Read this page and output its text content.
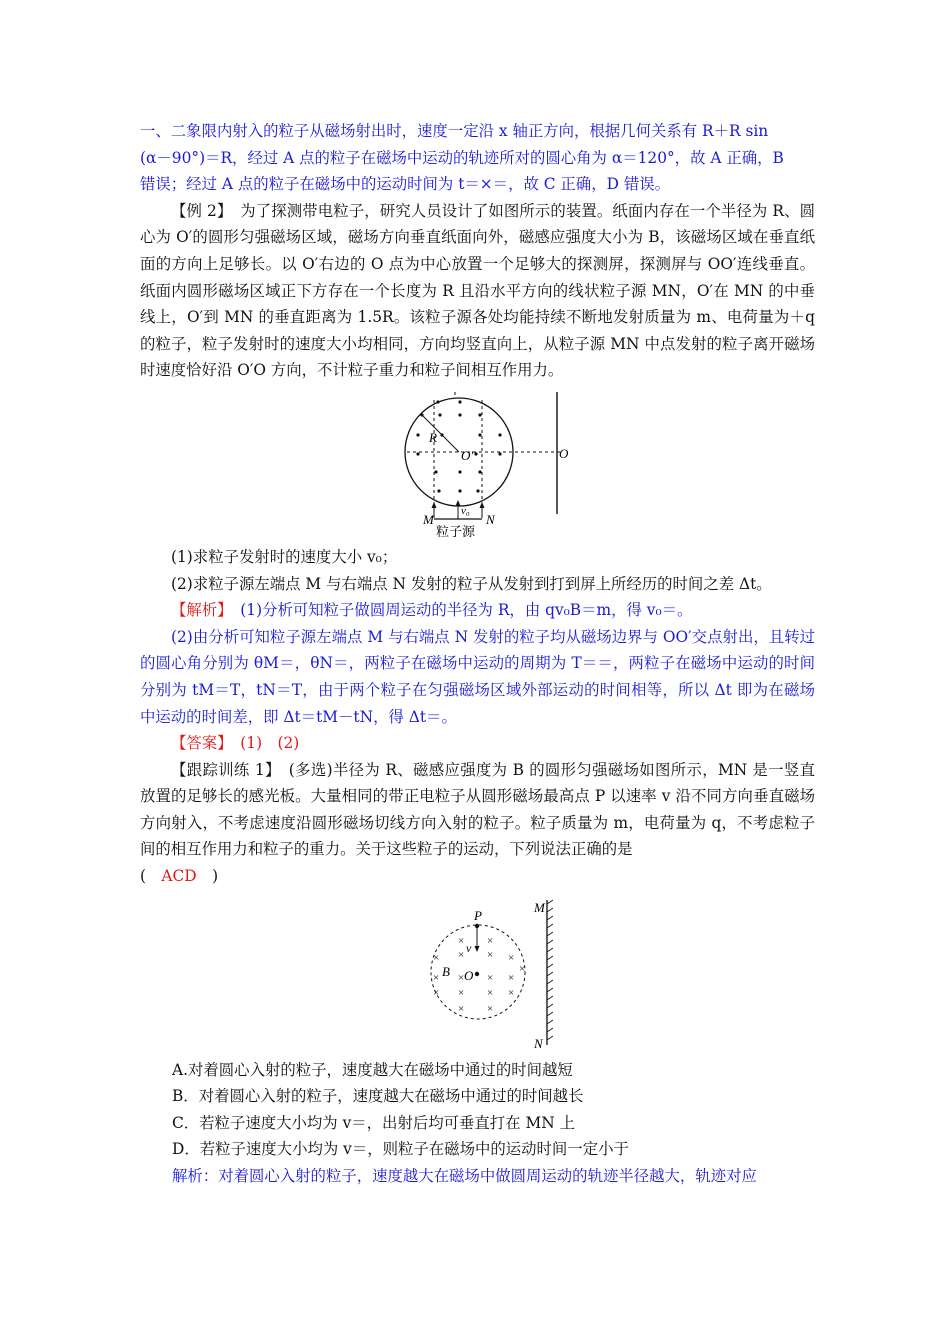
一、二象限内射入的粒子从磁场射出时，速度一定沿 x 轴正方向，根据几何关系有 R＋R sin

(α－90°)＝R，经过 A 点的粒子在磁场中运动的轨迹所对的圆心角为 α＝120°，故 A 正确，B

错误；经过 A 点的粒子在磁场中的运动时间为 t＝×＝，故 C 正确，D 错误。

【例 2】　 为了探测带电粒子，研究人员设计了如图所示的装置。纸面内存在一个半径为 R、圆心为 O′的圆形匀强磁场区域，磁场方向垂直纸面向外，磁感应强度大小为 B，该磁场区域在垂直纸面的方向上足够长。以 O′右边的 O 点为中心放置一个足够大的探测屏，探测屏与 OO′连线垂直。纸面内圆形磁场区域正下方存在一个长度为 R 且沿水平方向的线状粒子源 MN，O′在 MN 的中垂线上，O′到 MN 的垂直距离为 1.5R。该粒子源各处均能持续不断地发射质量为 m、电荷量为＋q 的粒子，粒子发射时的速度大小均相同，方向均竖直向上，从粒子源 MN 中点发射的粒子离开磁场时速度恰好沿 O′O 方向，不计粒子重力和粒子间相互作用力。

R
O′	O
M	N
v₀
粒子源

(1)求粒子发射时的速度大小 v₀；

(2)求粒子源左端点 M 与右端点 N 发射的粒子从发射到打到屏上所经历的时间之差 Δt。

【解析】　 (1)分析可知粒子做圆周运动的半径为 R，由 qv₀B＝m，得 v₀＝。

(2)由分析可知粒子源左端点 M 与右端点 N 发射的粒子均从磁场边界与 OO′交点射出，且转过的圆心角分别为 θM＝，θN＝，两粒子在磁场中运动的周期为 T＝＝，两粒子在磁场中运动的时间分别为 tM＝T，tN＝T，由于两个粒子在匀强磁场区域外部运动的时间相等，所以 Δt 即为在磁场中运动的时间差，即 Δt＝tM－tN，得 Δt＝。

【答案】　 (1)　(2)

【跟踪训练 1】　 (多选)半径为 R、磁感应强度为 B 的圆形匀强磁场如图所示，MN 是一竖直放置的足够长的感光板。大量相同的带正电粒子从圆形磁场最高点 P 以速率 v 沿不同方向垂直磁场方向射入，不考虑速度沿圆形磁场切线方向入射的粒子。粒子质量为 m，电荷量为 q，不考虑粒子间的相互作用力和粒子的重力。关于这些粒子的运动，下列说法正确的是

(　 ACD　 )

× ×
× ×
×	×
× × × ×
×
×
×	×
× ×
×
P
v
B O
M
N

A.对着圆心入射的粒子，速度越大在磁场中通过的时间越短

B．对着圆心入射的粒子，速度越大在磁场中通过的时间越长

C．若粒子速度大小均为 v＝，出射后均可垂直打在 MN 上

D．若粒子速度大小均为 v＝，则粒子在磁场中的运动时间一定小于

解析：对着圆心入射的粒子，速度越大在磁场中做圆周运动的轨迹半径越大，轨迹对应
